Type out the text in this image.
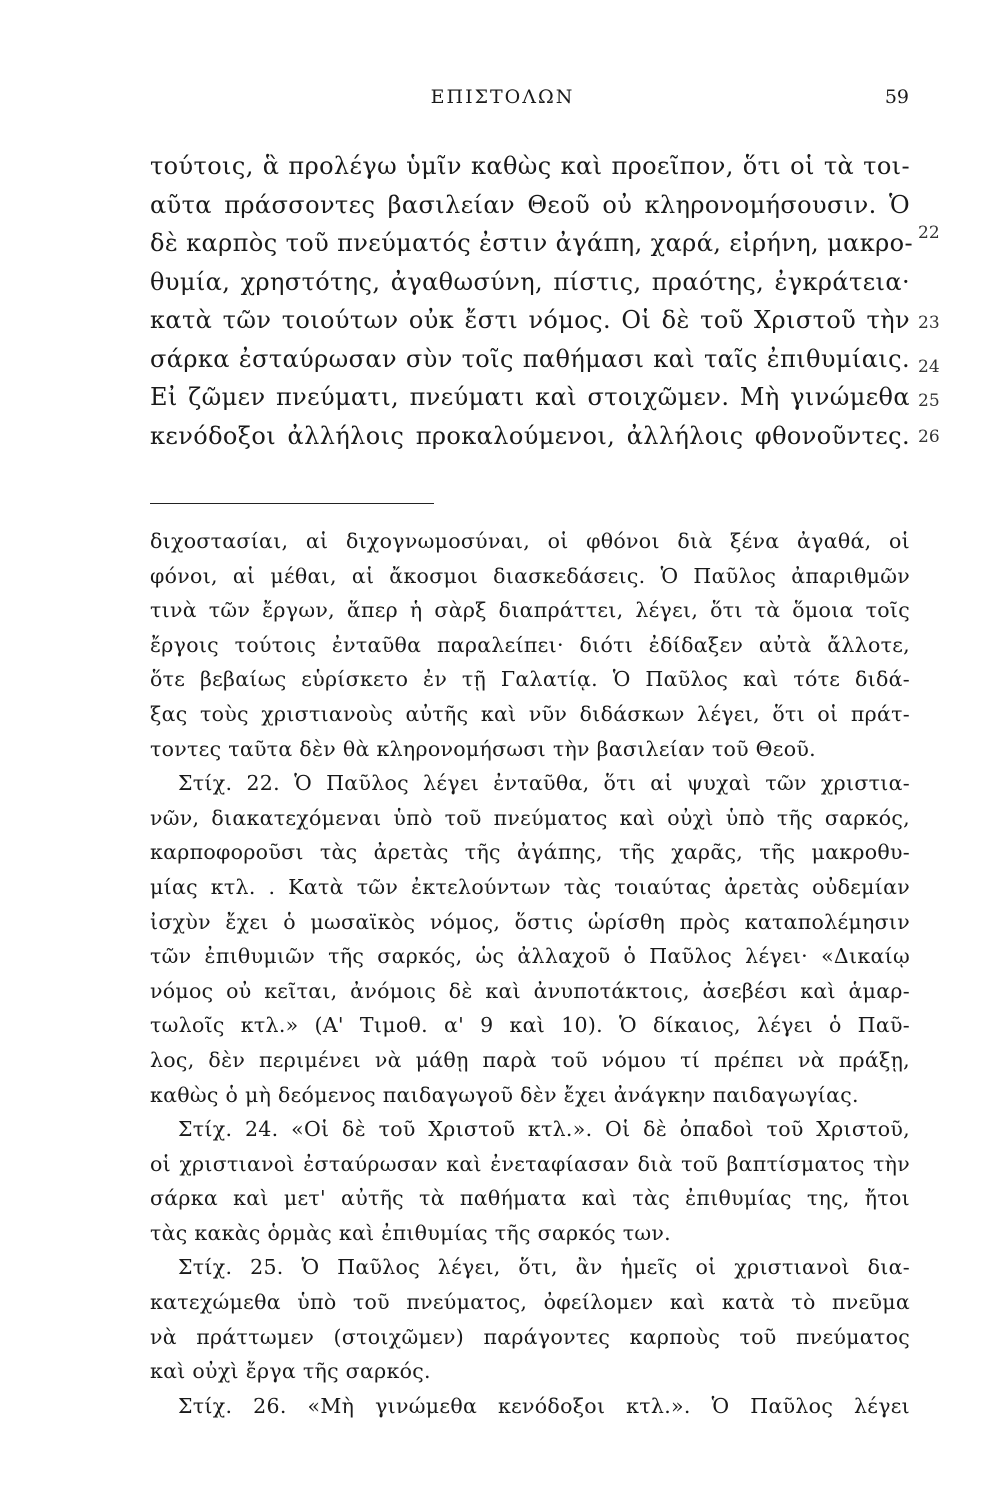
ΕΠΙΣΤΟΛΩΝ	59
τούτοις, ἃ προλέγω ὑμῖν καθὼς καὶ προεῖπον, ὅτι οἱ τὰ τοι-
αῦτα πράσσοντες βασιλείαν Θεοῦ οὐ κληρονομήσουσιν. Ὁ
δὲ καρπὸς τοῦ πνεύματός ἐστιν ἀγάπη, χαρά, εἰρήνη, μακρο-
θυμία, χρηστότης, ἀγαθωσύνη, πίστις, πραότης, ἐγκράτεια·
κατὰ τῶν τοιούτων οὐκ ἔστι νόμος. Οἱ δὲ τοῦ Χριστοῦ τὴν
σάρκα ἐσταύρωσαν σὺν τοῖς παθήμασι καὶ ταῖς ἐπιθυμίαις.
Εἰ ζῶμεν πνεύματι, πνεύματι καὶ στοιχῶμεν. Μὴ γινώμεθα
κενόδοξοι ἀλλήλοις προκαλούμενοι, ἀλλήλοις φθονοῦντες.
22
23
24
25
26
διχοστασίαι, αἱ διχογνωμοσύναι, οἱ φθόνοι διὰ ξένα ἀγαθά, οἱ
φόνοι, αἱ μέθαι, αἱ ἄκοσμοι διασκεδάσεις. Ὁ Παῦλος ἀπαριθμῶν
τινὰ τῶν ἔργων, ἅπερ ἡ σὰρξ διαπράττει, λέγει, ὅτι τὰ ὅμοια τοῖς
ἔργοις τούτοις ἐνταῦθα παραλείπει· διότι ἐδίδαξεν αὐτὰ ἄλλοτε,
ὅτε βεβαίως εὑρίσκετο ἐν τῇ Γαλατίᾳ. Ὁ Παῦλος καὶ τότε διδά-
ξας τοὺς χριστιανοὺς αὐτῆς καὶ νῦν διδάσκων λέγει, ὅτι οἱ πράτ-
τοντες ταῦτα δὲν θὰ κληρονομήσωσι τὴν βασιλείαν τοῦ Θεοῦ.
Στίχ. 22. Ὁ Παῦλος λέγει ἐνταῦθα, ὅτι αἱ ψυχαὶ τῶν χριστια-
νῶν, διακατεχόμεναι ὑπὸ τοῦ πνεύματος καὶ οὐχὶ ὑπὸ τῆς σαρκός,
καρποφοροῦσι τὰς ἀρετὰς τῆς ἀγάπης, τῆς χαρᾶς, τῆς μακροθυ-
μίας κτλ. . Κατὰ τῶν ἐκτελούντων τὰς τοιαύτας ἀρετὰς οὐδεμίαν
ἰσχὺν ἔχει ὁ μωσαϊκὸς νόμος, ὅστις ὡρίσθη πρὸς καταπολέμησιν
τῶν ἐπιθυμιῶν τῆς σαρκός, ὡς ἀλλαχοῦ ὁ Παῦλος λέγει· «Δικαίῳ
νόμος οὐ κεῖται, ἀνόμοις δὲ καὶ ἀνυποτάκτοις, ἀσεβέσι καὶ ἁμαρ-
τωλοῖς κτλ.» (Α' Τιμοθ. α' 9 καὶ 10). Ὁ δίκαιος, λέγει ὁ Παῦ-
λος, δὲν περιμένει νὰ μάθῃ παρὰ τοῦ νόμου τί πρέπει νὰ πράξῃ,
καθὼς ὁ μὴ δεόμενος παιδαγωγοῦ δὲν ἔχει ἀνάγκην παιδαγωγίας.
Στίχ. 24. «Οἱ δὲ τοῦ Χριστοῦ κτλ.». Οἱ δὲ ὀπαδοὶ τοῦ Χριστοῦ,
οἱ χριστιανοὶ ἐσταύρωσαν καὶ ἐνεταφίασαν διὰ τοῦ βαπτίσματος τὴν
σάρκα καὶ μετ' αὐτῆς τὰ παθήματα καὶ τὰς ἐπιθυμίας της, ἤτοι
τὰς κακὰς ὁρμὰς καὶ ἐπιθυμίας τῆς σαρκός των.
Στίχ. 25. Ὁ Παῦλος λέγει, ὅτι, ἂν ἡμεῖς οἱ χριστιανοὶ δια-
κατεχώμεθα ὑπὸ τοῦ πνεύματος, ὀφείλομεν καὶ κατὰ τὸ πνεῦμα
νὰ πράττωμεν (στοιχῶμεν) παράγοντες καρποὺς τοῦ πνεύματος
καὶ οὐχὶ ἔργα τῆς σαρκός.
Στίχ. 26. «Μὴ γινώμεθα κενόδοξοι κτλ.». Ὁ Παῦλος λέγει
